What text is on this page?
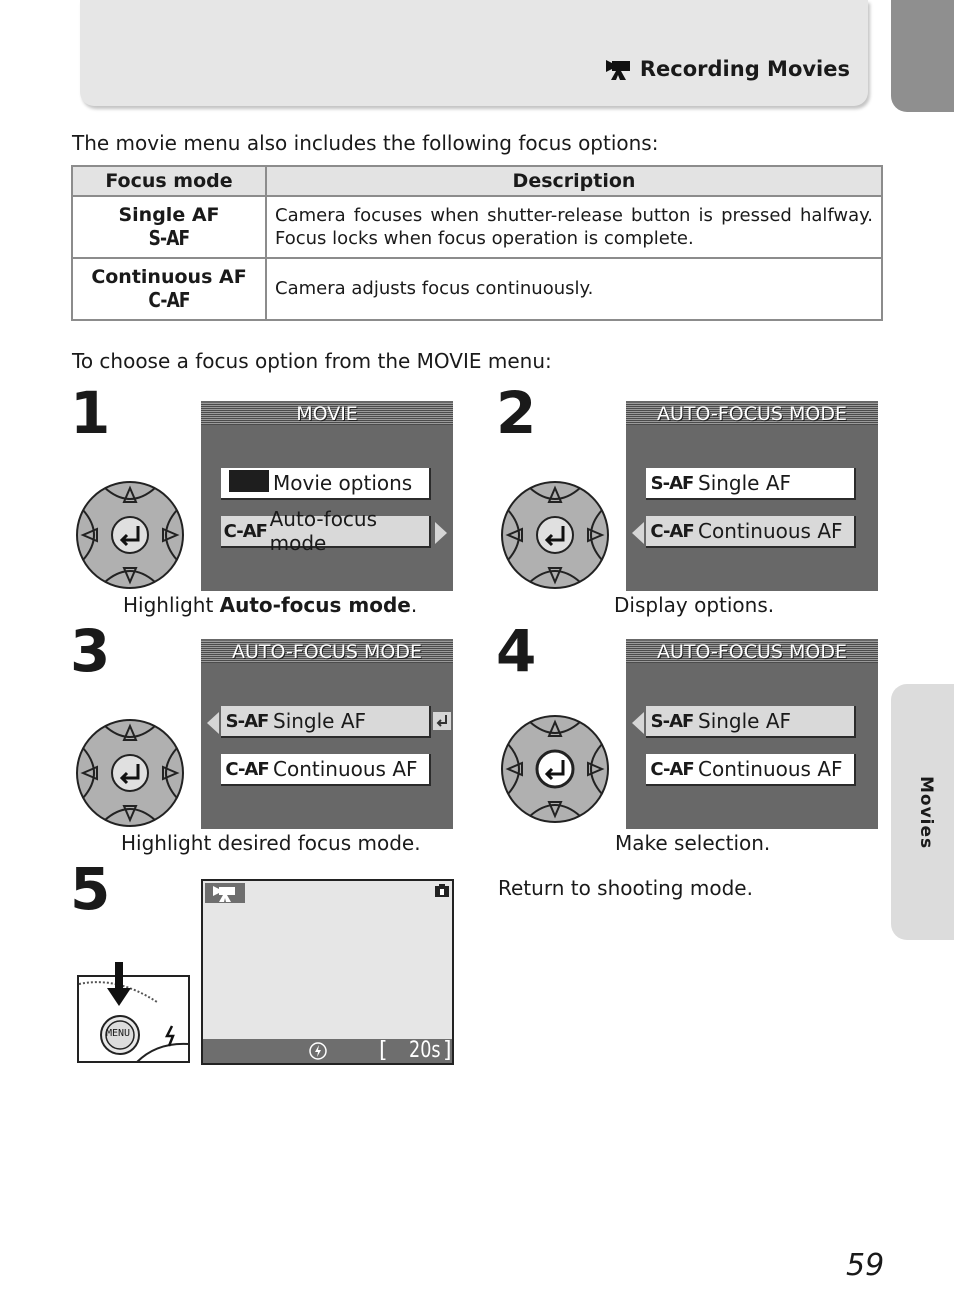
Recording Movies
Movies
The movie menu also includes the following focus options:
Focus mode	Description
Single AF
S-AF	Camera focuses when shutter-release button is pressed halfway. Focus locks when focus operation is complete.
Continuous AF
C-AF	Camera adjusts focus continuously.
To choose a focus option from the MOVIE menu:
1	MOVIE
Movie options
C-AF Auto-focus mode
Highlight Auto-focus mode.
2	AUTO-FOCUS MODE
S-AF Single AF
C-AF Continuous AF
Display options.
3	AUTO-FOCUS MODE
S-AF Single AF
C-AF Continuous AF
Highlight desired focus mode.
4	AUTO-FOCUS MODE
S-AF Single AF
C-AF Continuous AF
Make selection.
5
MENU
[ 20s ]
Return to shooting mode.
59
